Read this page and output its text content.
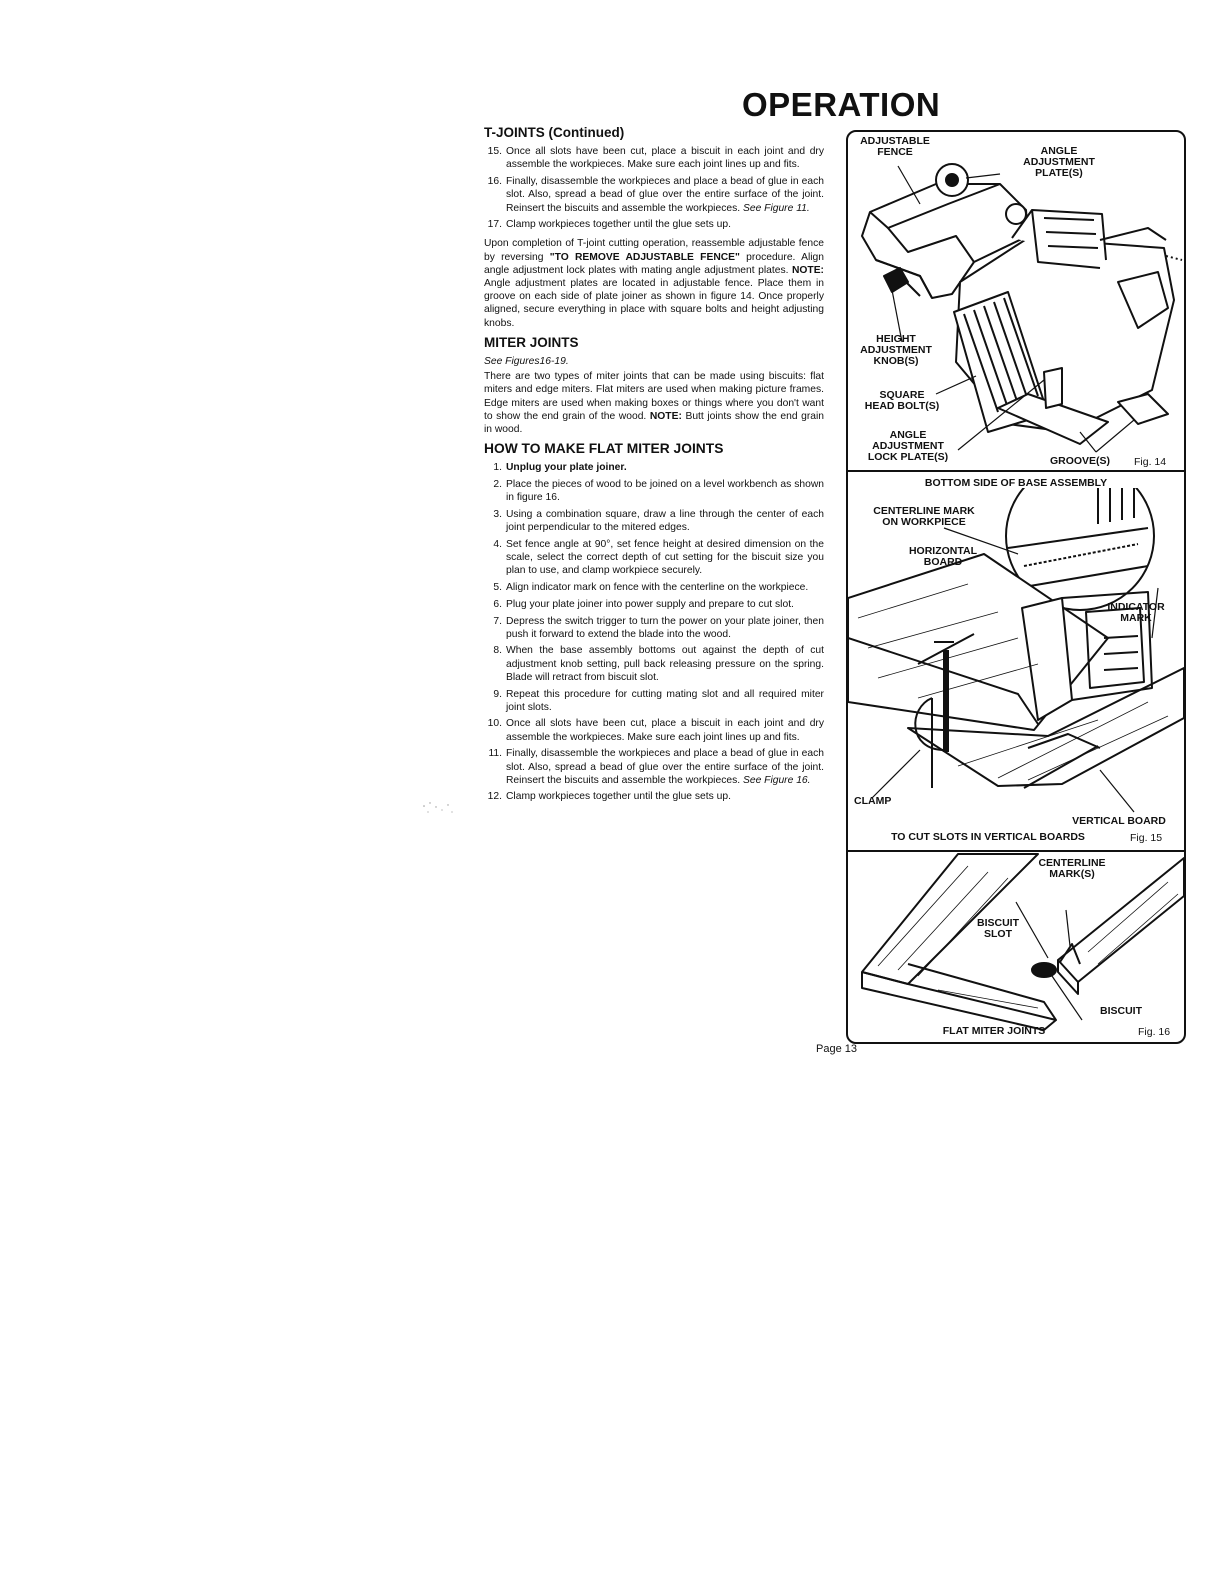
OPERATION
T-JOINTS (Continued)
15. Once all slots have been cut, place a biscuit in each joint and dry assemble the workpieces. Make sure each joint lines up and fits.
16. Finally, disassemble the workpieces and place a bead of glue in each slot. Also, spread a bead of glue over the entire surface of the joint. Reinsert the biscuits and assemble the workpieces. See Figure 11.
17. Clamp workpieces together until the glue sets up.

Upon completion of T-joint cutting operation, reassemble adjustable fence by reversing "TO REMOVE ADJUSTABLE FENCE" procedure. Align angle adjustment lock plates with mating angle adjustment plates. NOTE: Angle adjustment plates are located in adjustable fence. Place them in groove on each side of plate joiner as shown in figure 14. Once properly aligned, secure everything in place with square bolts and height adjusting knobs.

MITER JOINTS

See Figures16-19.

There are two types of miter joints that can be made using biscuits: flat miters and edge miters. Flat miters are used when making picture frames. Edge miters are used when making boxes or things where you don't want to show the end grain of the wood. NOTE: Butt joints show the end grain in wood.

HOW TO MAKE FLAT MITER JOINTS
1. Unplug your plate joiner.
2. Place the pieces of wood to be joined on a level workbench as shown in figure 16.
3. Using a combination square, draw a line through the center of each joint perpendicular to the mitered edges.
4. Set fence angle at 90°, set fence height at desired dimension on the scale, select the correct depth of cut setting for the biscuit size you plan to use, and clamp workpiece securely.
5. Align indicator mark on fence with the centerline on the workpiece.
6. Plug your plate joiner into power supply and prepare to cut slot.
7. Depress the switch trigger to turn the power on your plate joiner, then push it forward to extend the blade into the wood.
8. When the base assembly bottoms out against the depth of cut adjustment knob setting, pull back releasing pressure on the spring. Blade will retract from biscuit slot.
9. Repeat this procedure for cutting mating slot and all required miter joint slots.
10. Once all slots have been cut, place a biscuit in each joint and dry assemble the workpieces. Make sure each joint lines up and fits.
11. Finally, disassemble the workpieces and place a bead of glue in each slot. Also, spread a bead of glue over the entire surface of the joint. Reinsert the biscuits and assemble the workpieces. See Figure 16.
12. Clamp workpieces together until the glue sets up.
Page 13
ADJUSTABLE
FENCE	ANGLE
ADJUSTMENT
PLATE(S)
HEIGHT
ADJUSTMENT
KNOB(S)
SQUARE
HEAD BOLT(S)
ANGLE
ADJUSTMENT
LOCK PLATE(S)	GROOVE(S)	Fig. 14
BOTTOM SIDE OF BASE ASSEMBLY
CENTERLINE MARK
ON WORKPIECE
HORIZONTAL
BOARD
INDICATOR
MARK
CLAMP
VERTICAL BOARD
TO CUT SLOTS IN VERTICAL BOARDS	Fig. 15
CENTERLINE
MARK(S)
BISCUIT
SLOT
BISCUIT
FLAT MITER JOINTS	Fig. 16
